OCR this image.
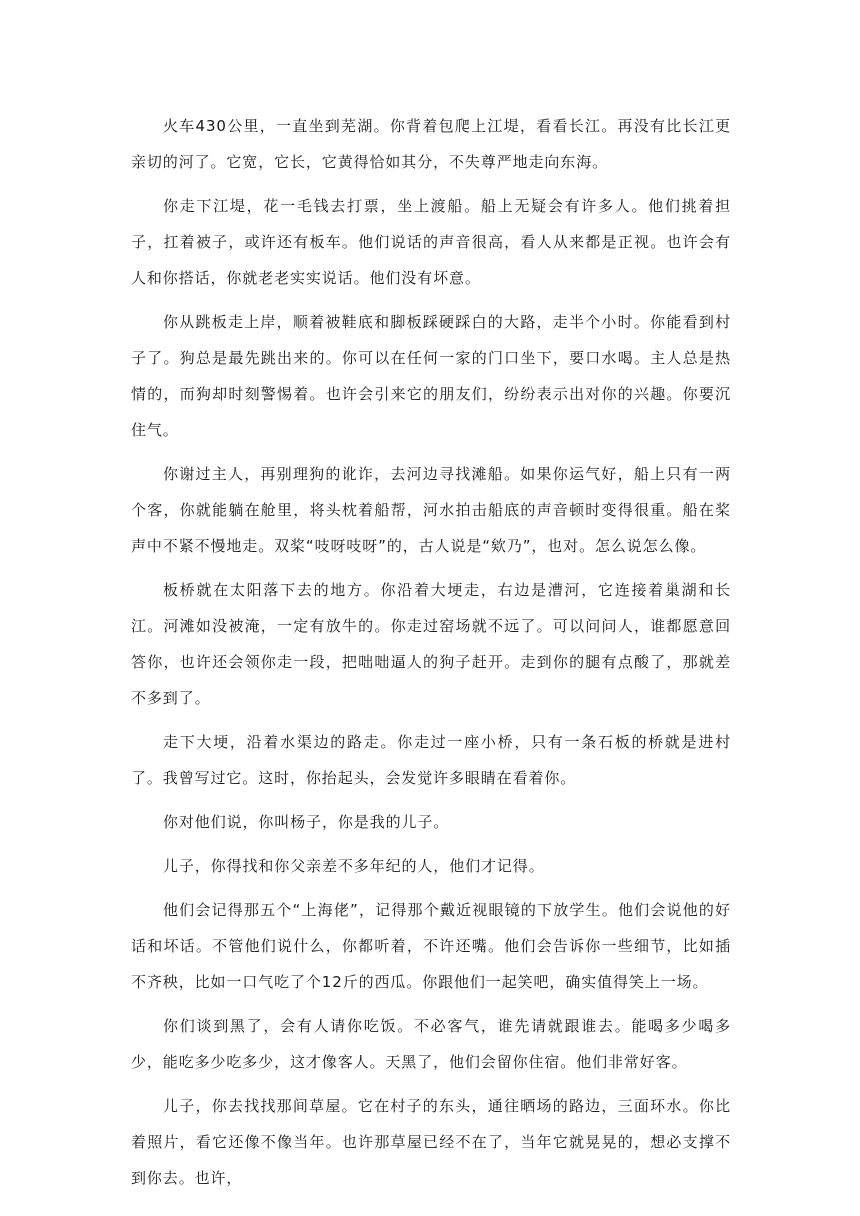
火车430公里，一直坐到芜湖。你背着包爬上江堤，看看长江。再没有比长江更亲切的河了。它宽，它长，它黄得恰如其分，不失尊严地走向东海。

你走下江堤，花一毛钱去打票，坐上渡船。船上无疑会有许多人。他们挑着担子，扛着被子，或许还有板车。他们说话的声音很高，看人从来都是正视。也许会有人和你搭话，你就老老实实说话。他们没有坏意。

你从跳板走上岸，顺着被鞋底和脚板踩硬踩白的大路，走半个小时。你能看到村子了。狗总是最先跳出来的。你可以在任何一家的门口坐下，要口水喝。主人总是热情的，而狗却时刻警惕着。也许会引来它的朋友们，纷纷表示出对你的兴趣。你要沉住气。

你谢过主人，再别理狗的讹诈，去河边寻找滩船。如果你运气好，船上只有一两个客，你就能躺在舱里，将头枕着船帮，河水拍击船底的声音顿时变得很重。船在桨声中不紧不慢地走。双桨“吱呀吱呀”的，古人说是“欸乃”，也对。怎么说怎么像。

板桥就在太阳落下去的地方。你沿着大埂走，右边是漕河，它连接着巢湖和长江。河滩如没被淹，一定有放牛的。你走过窑场就不远了。可以问问人，谁都愿意回答你，也许还会领你走一段，把咄咄逼人的狗子赶开。走到你的腿有点酸了，那就差不多到了。

走下大埂，沿着水渠边的路走。你走过一座小桥，只有一条石板的桥就是进村了。我曾写过它。这时，你抬起头，会发觉许多眼睛在看着你。

你对他们说，你叫杨子，你是我的儿子。

儿子，你得找和你父亲差不多年纪的人，他们才记得。

他们会记得那五个“上海佬”，记得那个戴近视眼镜的下放学生。他们会说他的好话和坏话。不管他们说什么，你都听着，不许还嘴。他们会告诉你一些细节，比如插不齐秧，比如一口气吃了个12斤的西瓜。你跟他们一起笑吧，确实值得笑上一场。

你们谈到黑了，会有人请你吃饭。不必客气，谁先请就跟谁去。能喝多少喝多少，能吃多少吃多少，这才像客人。天黑了，他们会留你住宿。他们非常好客。

儿子，你去找找那间草屋。它在村子的东头，通往晒场的路边，三面环水。你比着照片，看它还像不像当年。也许那草屋已经不在了，当年它就晃晃的，想必支撑不到你去。也许，
